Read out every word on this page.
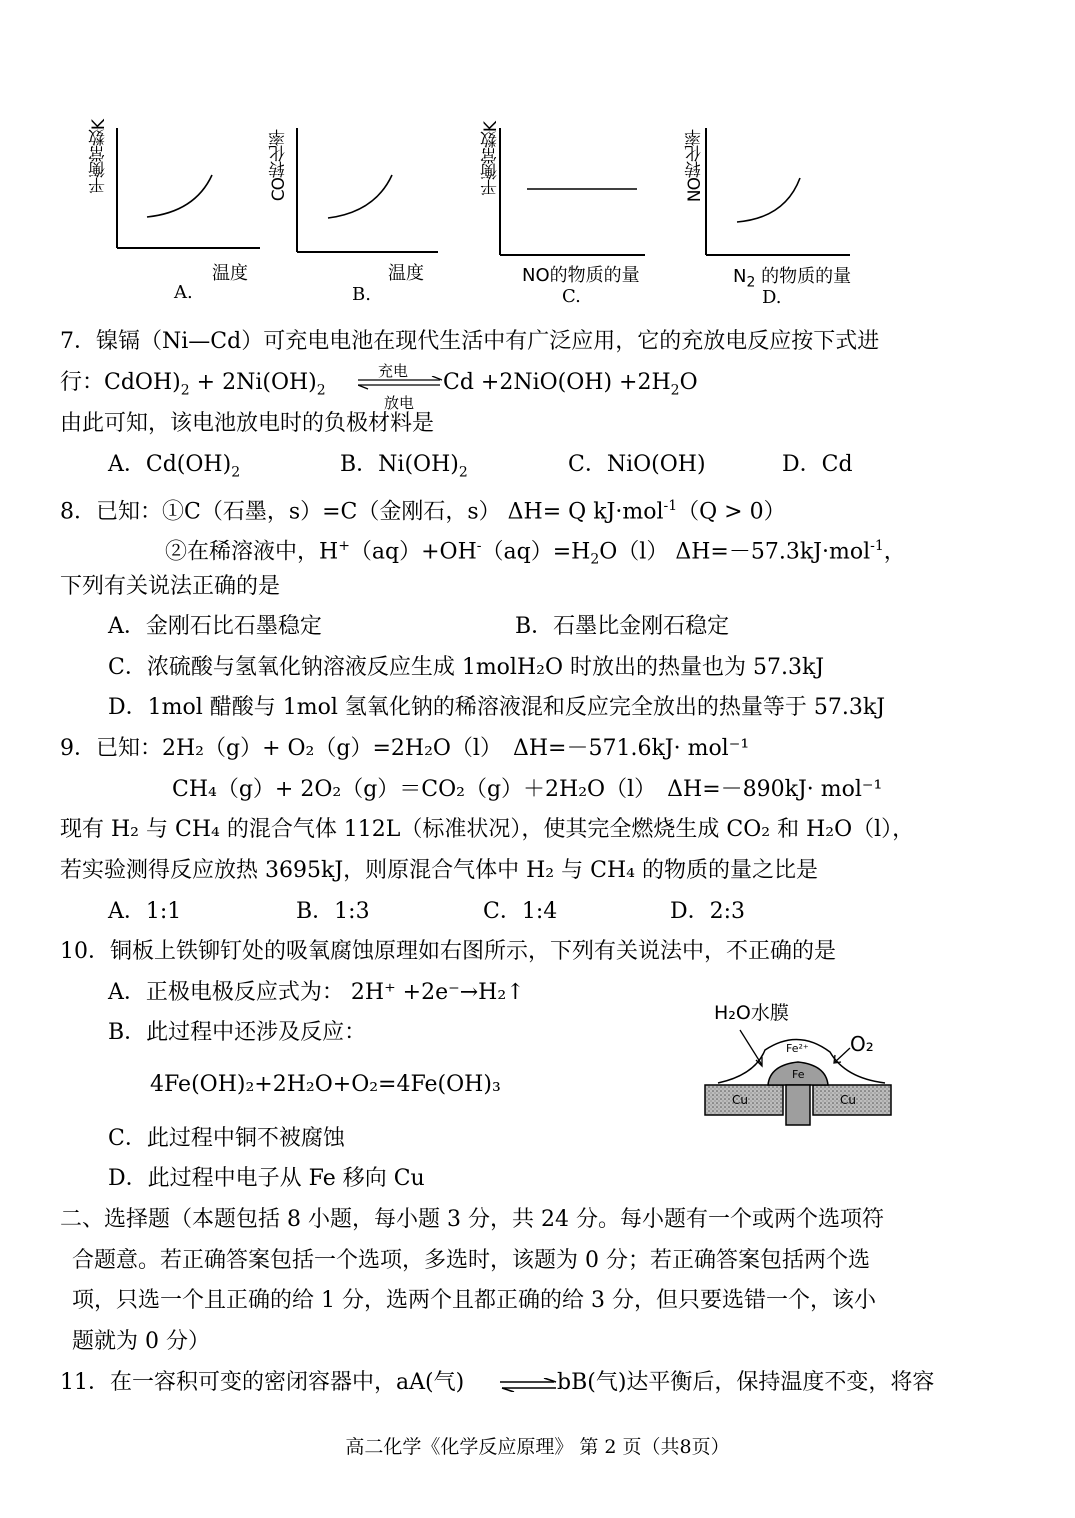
平衡常数K
温度
A.
CO转化率
温度
B.
平衡常数K
NO的物质的量
C.
NO转化率
$N_2$ 的物质的量
D.
7．镍镉（Ni—Cd）可充电电池在现代生活中有广泛应用，它的充放电反应按下式进
行：$CdOH)_2 + 2Ni(OH)_2$
充电
放电
$Cd +2NiO(OH) +2H_2O$
由此可知，该电池放电时的负极材料是
A．$Cd(OH)_2$	B．$Ni(OH)_2$	C．NiO(OH)	D．Cd
8．已知：①C（石墨，s）=C（金刚石，s） ΔH= Q kJ·mol$^{-1}$（Q > 0）
②在稀溶液中，$H^+(aq)+OH^-(aq)=H_2O(l)$ ΔH=－57.3kJ·mol$^{-1}$，
下列有关说法正确的是
A．金刚石比石墨稳定	B．石墨比金刚石稳定
C．浓硫酸与氢氧化钠溶液反应生成 1molH₂O 时放出的热量也为 57.3kJ
D．1mol 醋酸与 1mol 氢氧化钠的稀溶液混和反应完全放出的热量等于 57.3kJ
9．已知：2H₂（g）+ O₂（g）=2H₂O（l）　ΔH=－571.6kJ· mol⁻¹
CH₄（g）+ 2O₂（g）＝CO₂（g）＋2H₂O（l）　ΔH=－890kJ· mol⁻¹
现有 H₂ 与 CH₄ 的混合气体 112L（标准状况），使其完全燃烧生成 CO₂ 和 H₂O（l），
若实验测得反应放热 3695kJ，则原混合气体中 H₂ 与 CH₄ 的物质的量之比是
A．1:1	B．1:3	C．1:4	D．2:3
10．铜板上铁铆钉处的吸氧腐蚀原理如右图所示，下列有关说法中，不正确的是
A．正极电极反应式为： 2H⁺ +2e⁻→H₂↑
B．此过程中还涉及反应：
4Fe(OH)₂+2H₂O+O₂=4Fe(OH)₃
C．此过程中铜不被腐蚀
D．此过程中电子从 Fe 移向 Cu
H₂O水膜
O₂
Fe²⁺
Fe
Cu	Cu
二、选择题（本题包括 8 小题，每小题 3 分，共 24 分。每小题有一个或两个选项符
合题意。若正确答案包括一个选项，多选时，该题为 0 分；若正确答案包括两个选
项，只选一个且正确的给 1 分，选两个且都正确的给 3 分，但只要选错一个，该小
题就为 0 分）
11．在一容积可变的密闭容器中，aA(气)	bB(气)达平衡后，保持温度不变，将容
高二化学《化学反应原理》 第 2 页（共8页）
